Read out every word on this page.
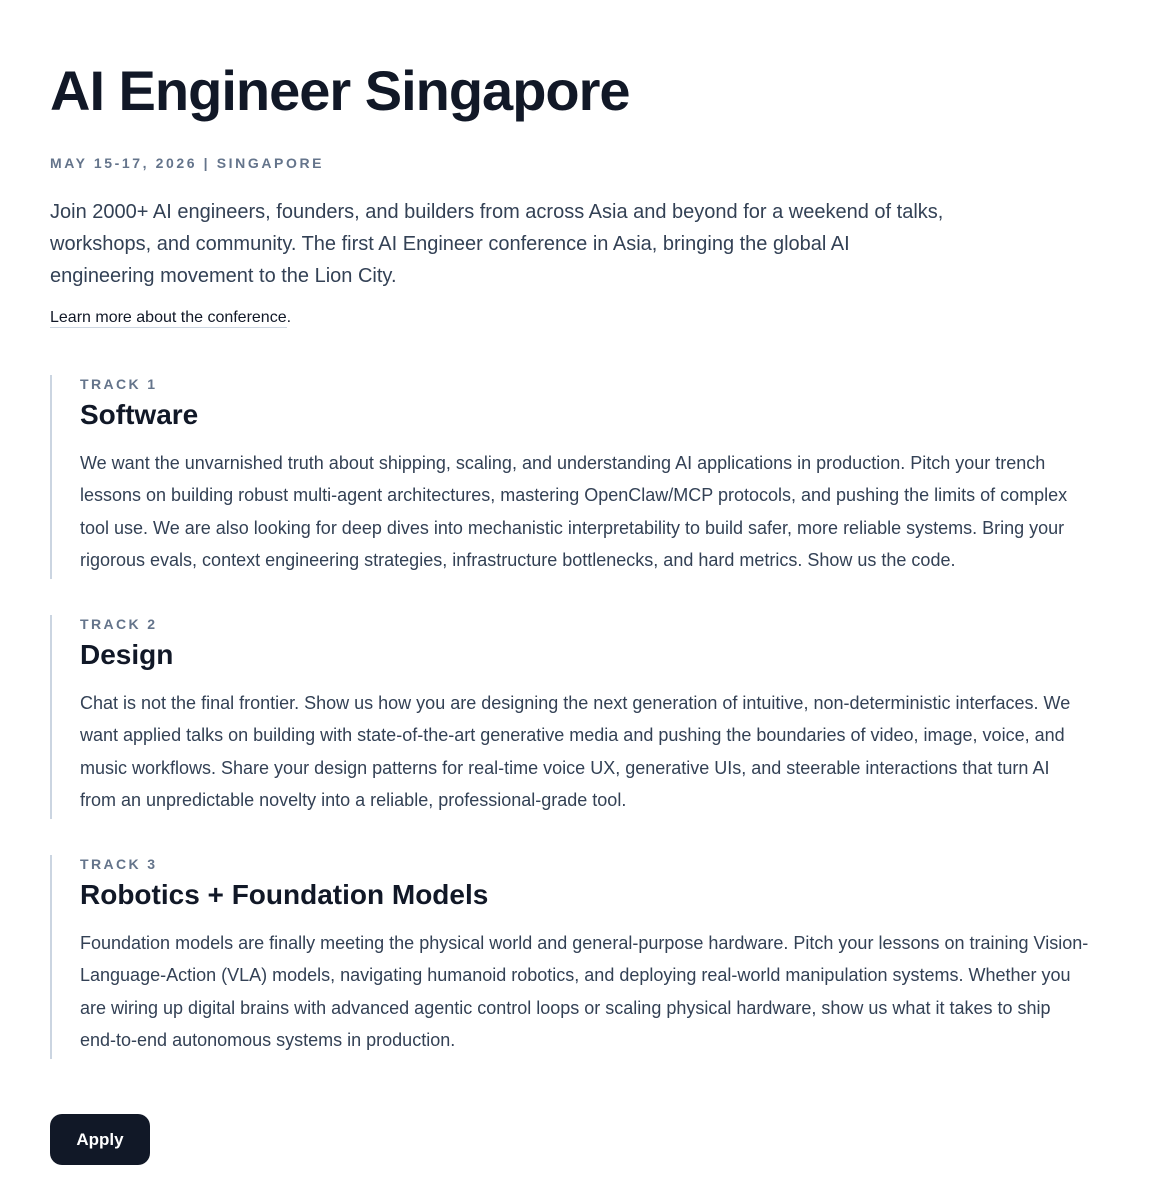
AI Engineer Singapore
MAY 15-17, 2026 | SINGAPORE

Join 2000+ AI engineers, founders, and builders from across Asia and beyond for a weekend of talks, workshops, and community. The first AI Engineer conference in Asia, bringing the global AI engineering movement to the Lion City.

Learn more about the conference.
TRACK 1
Software

We want the unvarnished truth about shipping, scaling, and understanding AI applications in production. Pitch your trench lessons on building robust multi-agent architectures, mastering OpenClaw/MCP protocols, and pushing the limits of complex tool use. We are also looking for deep dives into mechanistic interpretability to build safer, more reliable systems. Bring your rigorous evals, context engineering strategies, infrastructure bottlenecks, and hard metrics. Show us the code.

TRACK 2
Design

Chat is not the final frontier. Show us how you are designing the next generation of intuitive, non-deterministic interfaces. We want applied talks on building with state-of-the-art generative media and pushing the boundaries of video, image, voice, and music workflows. Share your design patterns for real-time voice UX, generative UIs, and steerable interactions that turn AI from an unpredictable novelty into a reliable, professional-grade tool.

TRACK 3
Robotics + Foundation Models

Foundation models are finally meeting the physical world and general-purpose hardware. Pitch your lessons on training Vision-Language-Action (VLA) models, navigating humanoid robotics, and deploying real-world manipulation systems. Whether you are wiring up digital brains with advanced agentic control loops or scaling physical hardware, show us what it takes to ship end-to-end autonomous systems in production.

Apply
